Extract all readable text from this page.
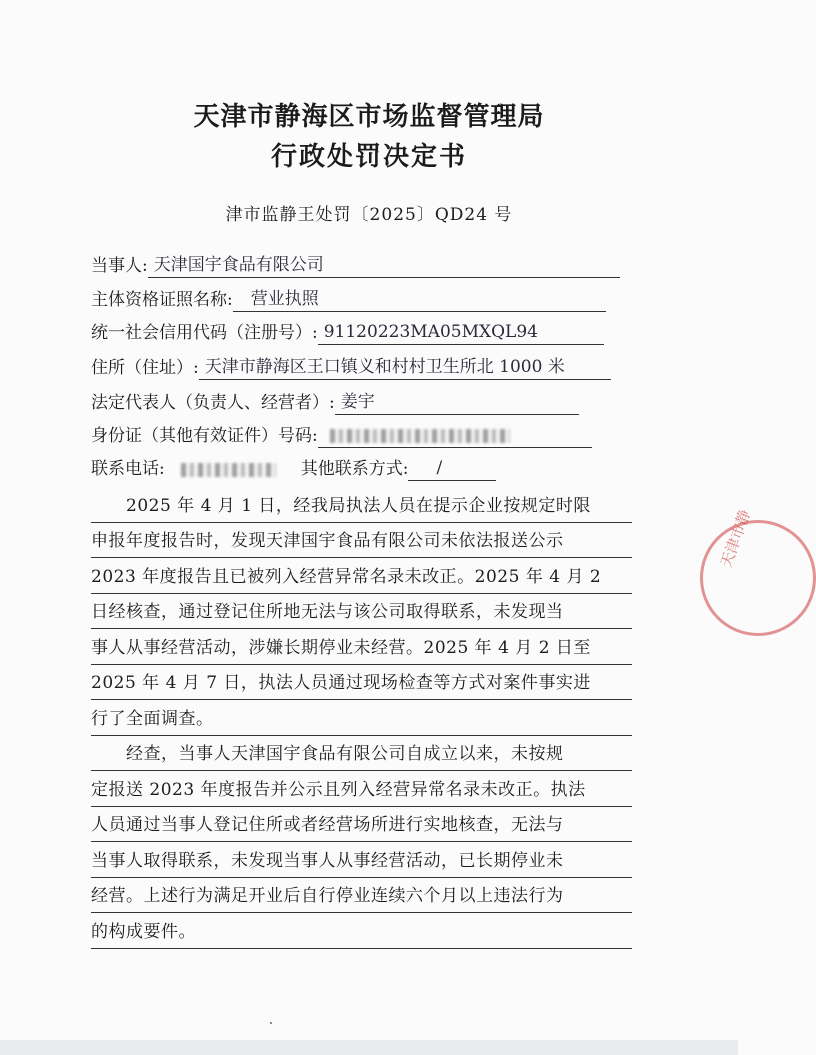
天津市静海区市场监督管理局
行政处罚决定书
津市监静王处罚〔2025〕QD24 号
当事人: 天津国宇食品有限公司
主体资格证照名称: 营业执照
统一社会信用代码（注册号）: 91120223MA05MXQL94
住所（住址）: 天津市静海区王口镇义和村村卫生所北 1000 米
法定代表人（负责人、经营者）: 姜宇
身份证（其他有效证件）号码:
联系电话:	其他联系方式: /
　　2025 年 4 月 1 日，经我局执法人员在提示企业按规定时限
申报年度报告时，发现天津国宇食品有限公司未依法报送公示
2023 年度报告且已被列入经营异常名录未改正。2025 年 4 月 2
日经核查，通过登记住所地无法与该公司取得联系，未发现当
事人从事经营活动，涉嫌长期停业未经营。2025 年 4 月 2 日至
2025 年 4 月 7 日，执法人员通过现场检查等方式对案件事实进
行了全面调查。
　　经查，当事人天津国宇食品有限公司自成立以来，未按规
定报送 2023 年度报告并公示且列入经营异常名录未改正。执法
人员通过当事人登记住所或者经营场所进行实地核查，无法与
当事人取得联系，未发现当事人从事经营活动，已长期停业未
经营。上述行为满足开业后自行停业连续六个月以上违法行为
的构成要件。
天津市静
